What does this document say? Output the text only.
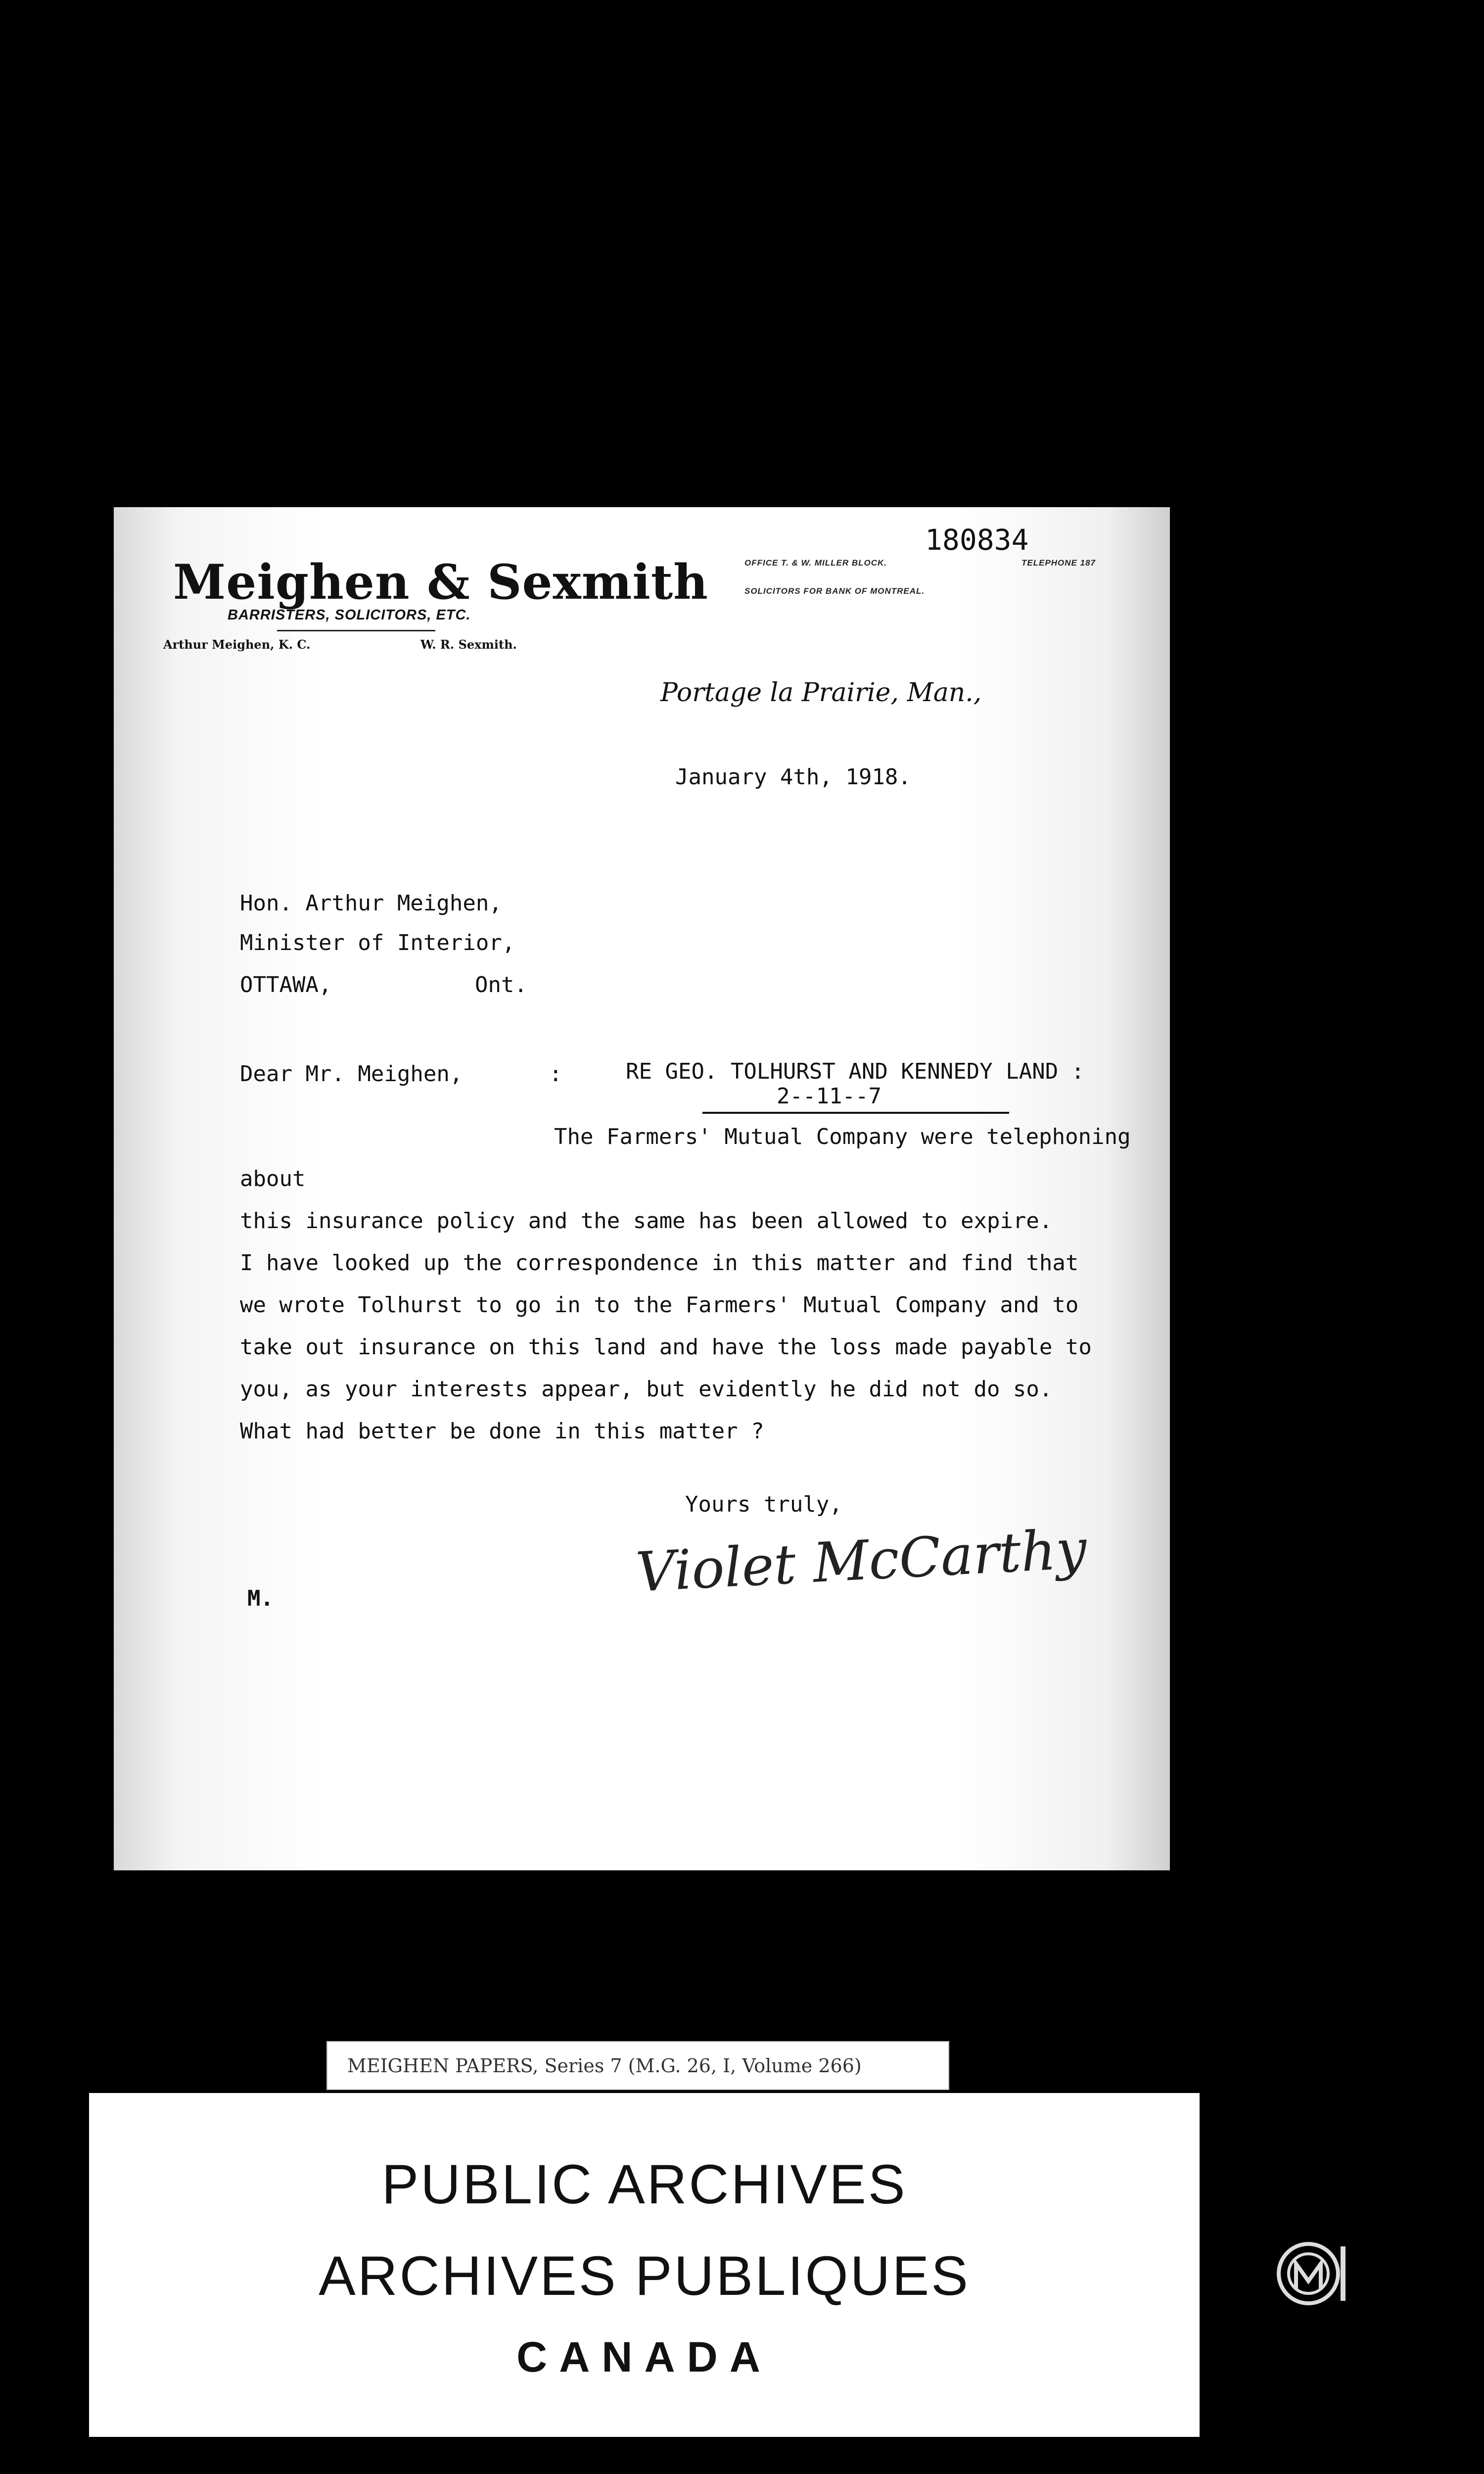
Meighen & Sexmith
BARRISTERS, SOLICITORS, ETC.
Arthur Meighen, K. C.	W. R. Sexmith.
180834
OFFICE T. & W. MILLER BLOCK.	TELEPHONE 187
SOLICITORS FOR BANK OF MONTREAL.
Portage la Prairie, Man.,
January 4th, 1918.
Hon. Arthur Meighen,
Minister of Interior,
OTTAWA,	Ont.
Dear Mr. Meighen,	:	RE GEO. TOLHURST AND KENNEDY LAND :
2--11--7

The Farmers' Mutual Company were telephoning about

this insurance policy and the same has been allowed to expire.

I have looked up the correspondence in this matter and find that

we wrote Tolhurst to go in to the Farmers' Mutual Company and to

take out insurance on this land and have the loss made payable to

you, as your interests appear, but evidently he did not do so.

What had better be done in this matter ?

Yours truly,
Violet McCarthy
M.
MEIGHEN PAPERS, Series 7 (M.G. 26, I, Volume 266)
PUBLIC ARCHIVES
ARCHIVES PUBLIQUES
CANADA
